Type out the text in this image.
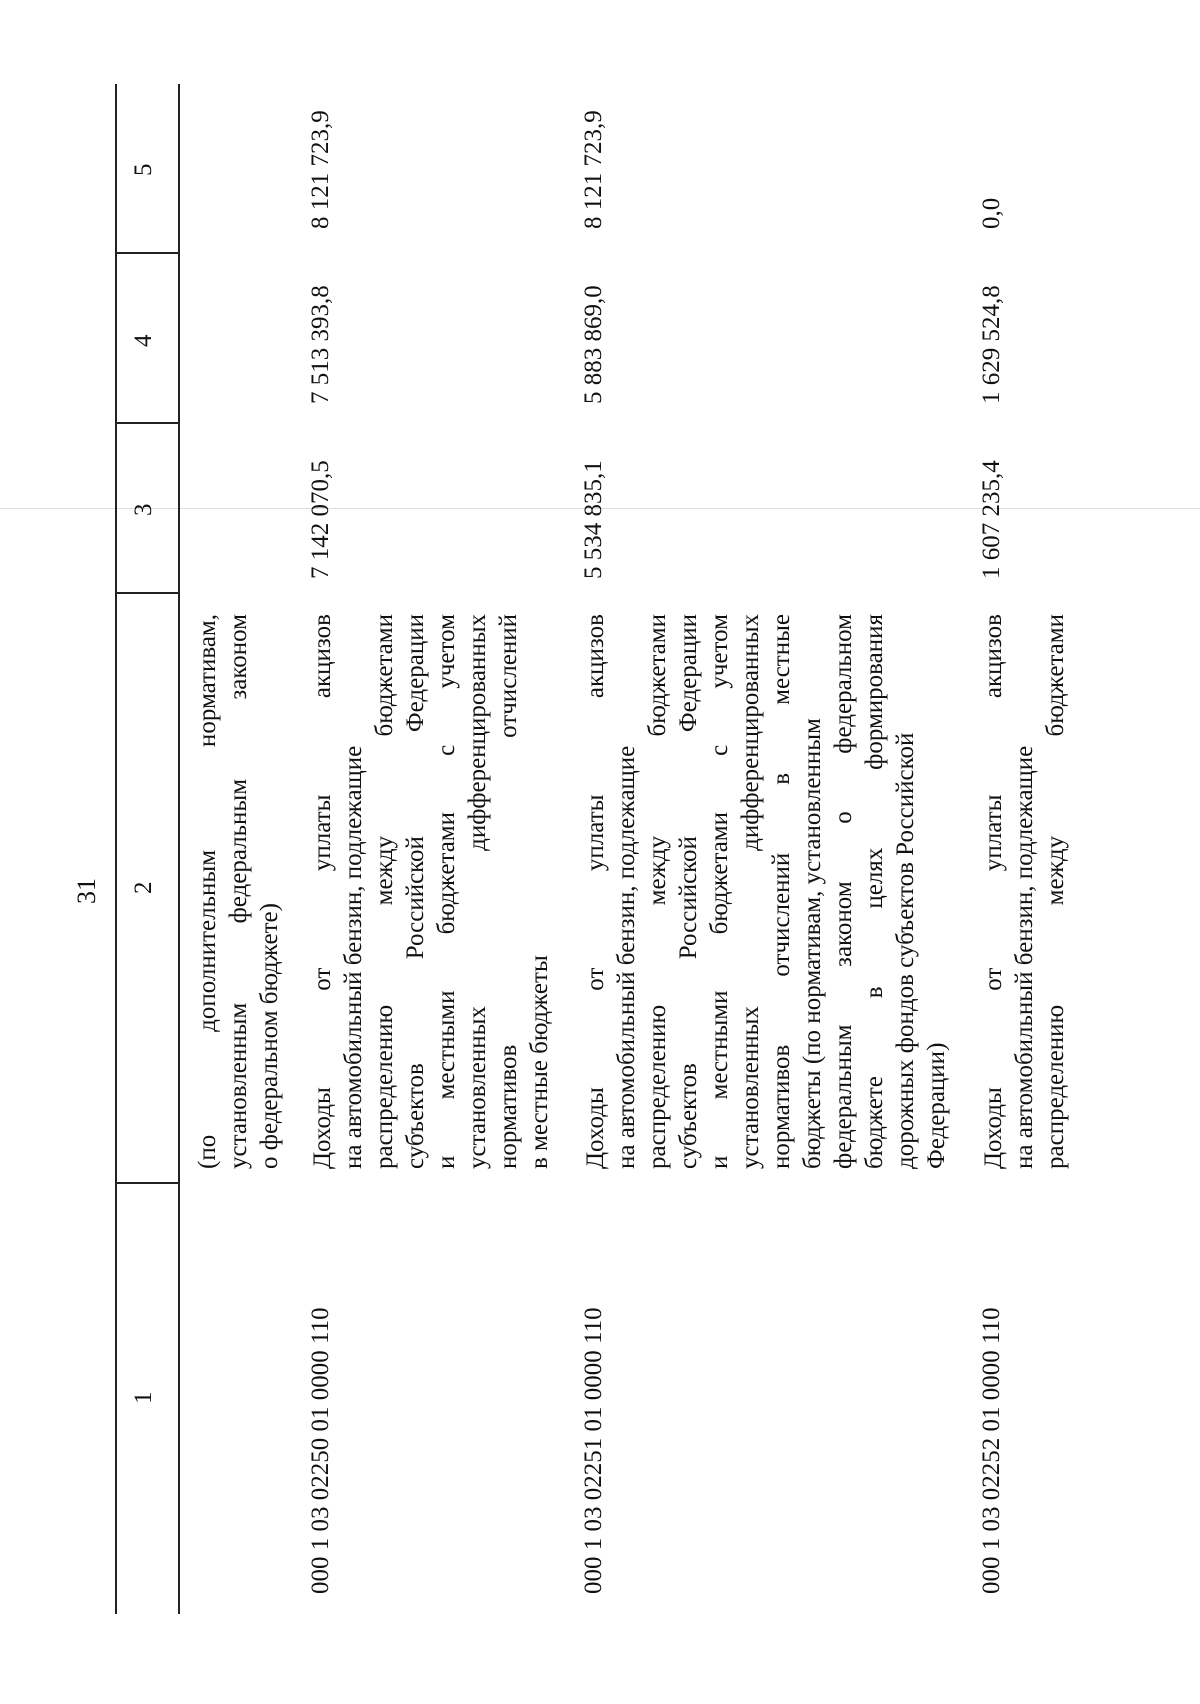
31
1
2
3
4
5
(по
дополнительным
нормативам,
установленным
федеральным
законом
о федеральном бюджете)
000 1 03 02250 01 0000 110
Доходы
от
уплаты
акцизов
на автомобильный бензин, подлежащие распределению
между
бюджетами
субъектов
Российской
Федерации
и
местными
бюджетами
с
учетом
установленных
дифференцированных
нормативов
отчислений
в местные бюджеты
7 142 070,5
7 513 393,8
8 121 723,9
000 1 03 02251 01 0000 110
Доходы
от
уплаты
акцизов
на автомобильный бензин, подлежащие распределению
между
бюджетами
субъектов
Российской
Федерации
и
местными
бюджетами
с
учетом
установленных
дифференцированных
нормативов
отчислений
в
местные
бюджеты (по нормативам, установленным федеральным
законом
о
федеральном
бюджете
в
целях
формирования
дорожных фондов субъектов Российской Федерации)
5 534 835,1
5 883 869,0
8 121 723,9
000 1 03 02252 01 0000 110
Доходы
от
уплаты
акцизов
на автомобильный бензин, подлежащие распределению
между
бюджетами
1 607 235,4
1 629 524,8
0,0
